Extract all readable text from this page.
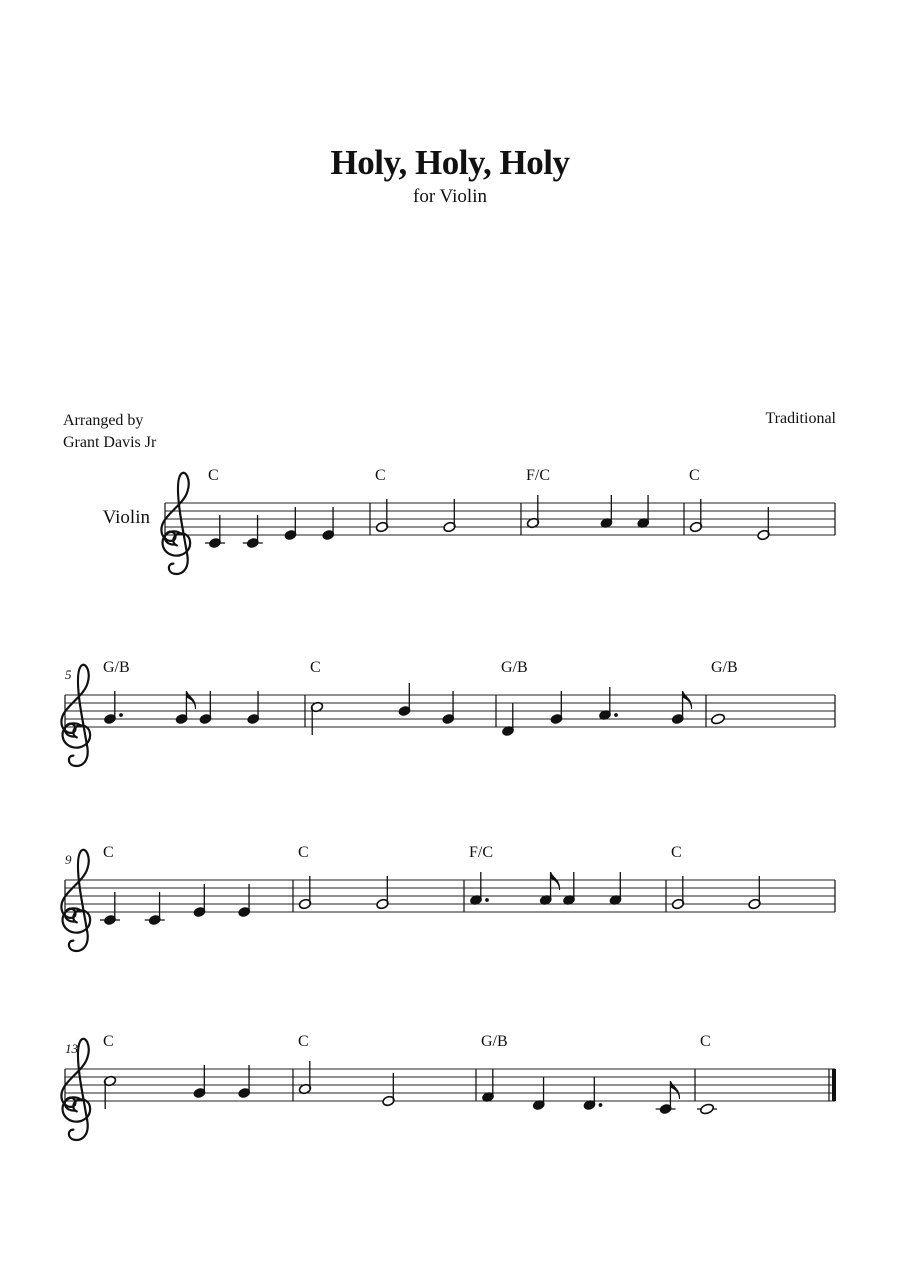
Holy, Holy, Holy
for Violin
Arranged by
Grant Davis Jr
Traditional
Violin
C	C	F/C	C
5 G/B	C	G/B	G/B
9 C	C	F/C	C
13 C	C	G/B	C
